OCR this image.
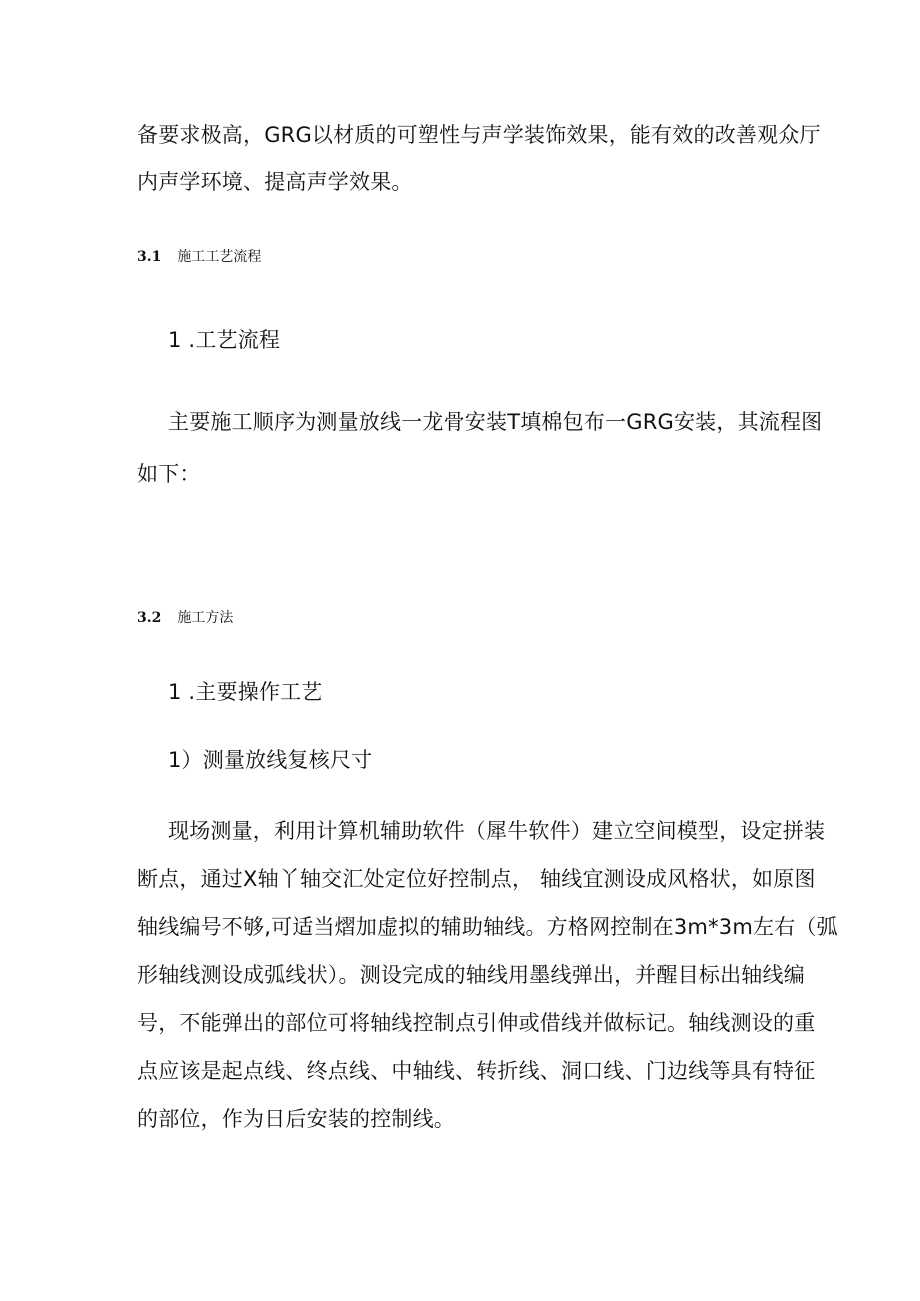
备要求极高，GRG以材质的可塑性与声学装饰效果，能有效的改善观众厅
内声学环境、提高声学效果。
3.1 施工工艺流程
1 .工艺流程
主要施工顺序为测量放线一龙骨安装T填棉包布一GRG安装，其流程图
如下：
3.2 施工方法
1 .主要操作工艺
1）测量放线复核尺寸
现场测量，利用计算机辅助软件（犀牛软件）建立空间模型，设定拼装
断点，通过X轴丫轴交汇处定位好控制点， 轴线宜测设成风格状，如原图
轴线编号不够,可适当熠加虚拟的辅助轴线。方格网控制在3m*3m左右（弧
形轴线测设成弧线状）。测设完成的轴线用墨线弹出，并醒目标出轴线编
号，不能弹出的部位可将轴线控制点引伸或借线并做标记。轴线测设的重
点应该是起点线、终点线、中轴线、转折线、洞口线、门边线等具有特征
的部位，作为日后安装的控制线。
